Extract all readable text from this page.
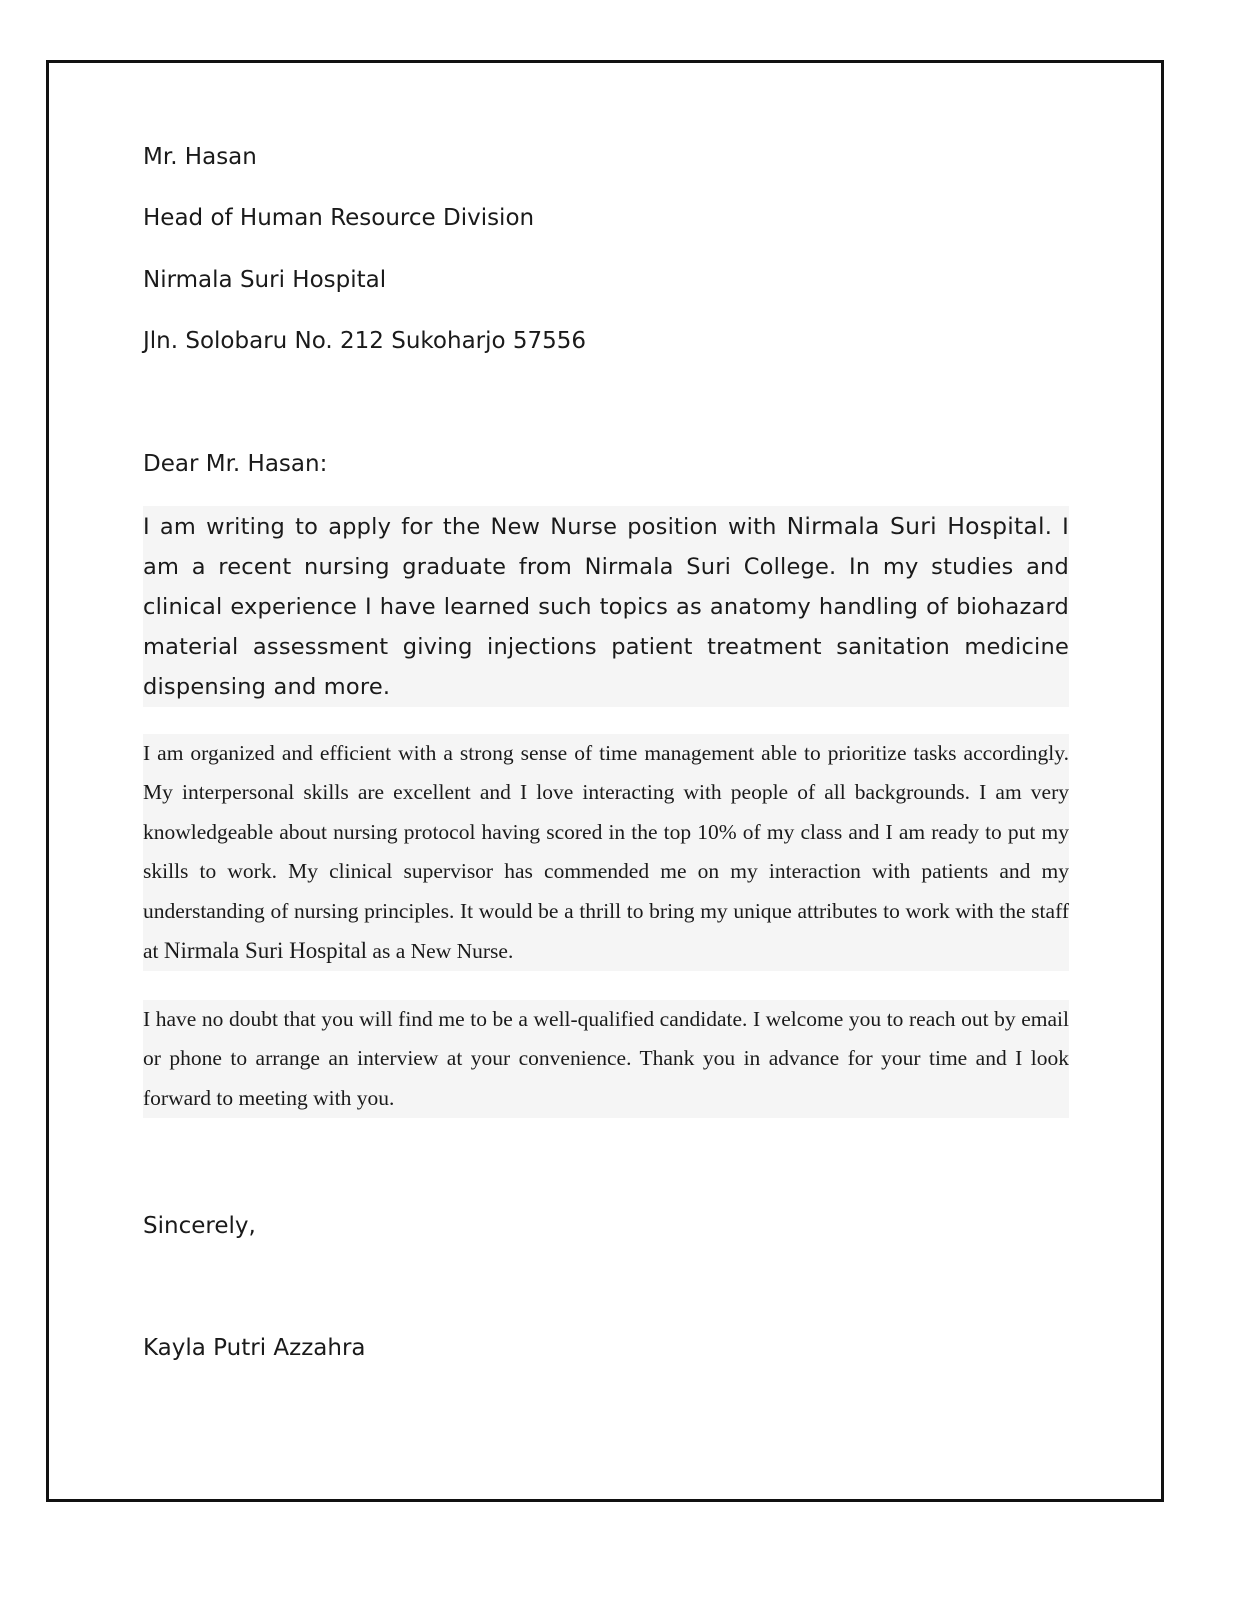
Mr. Hasan
Head of Human Resource Division
Nirmala Suri Hospital
Jln. Solobaru No. 212 Sukoharjo 57556
Dear Mr. Hasan:
I am writing to apply for the New Nurse position with Nirmala Suri Hospital. I am a recent nursing graduate from Nirmala Suri College. In my studies and clinical experience I have learned such topics as anatomy handling of biohazard material assessment giving injections patient treatment sanitation medicine dispensing and more.
I am organized and efficient with a strong sense of time management able to prioritize tasks accordingly. My interpersonal skills are excellent and I love interacting with people of all backgrounds. I am very knowledgeable about nursing protocol having scored in the top 10% of my class and I am ready to put my skills to work. My clinical supervisor has commended me on my interaction with patients and my understanding of nursing principles. It would be a thrill to bring my unique attributes to work with the staff at Nirmala Suri Hospital as a New Nurse.
I have no doubt that you will find me to be a well-qualified candidate. I welcome you to reach out by email or phone to arrange an interview at your convenience. Thank you in advance for your time and I look forward to meeting with you.
Sincerely,
Kayla Putri Azzahra
